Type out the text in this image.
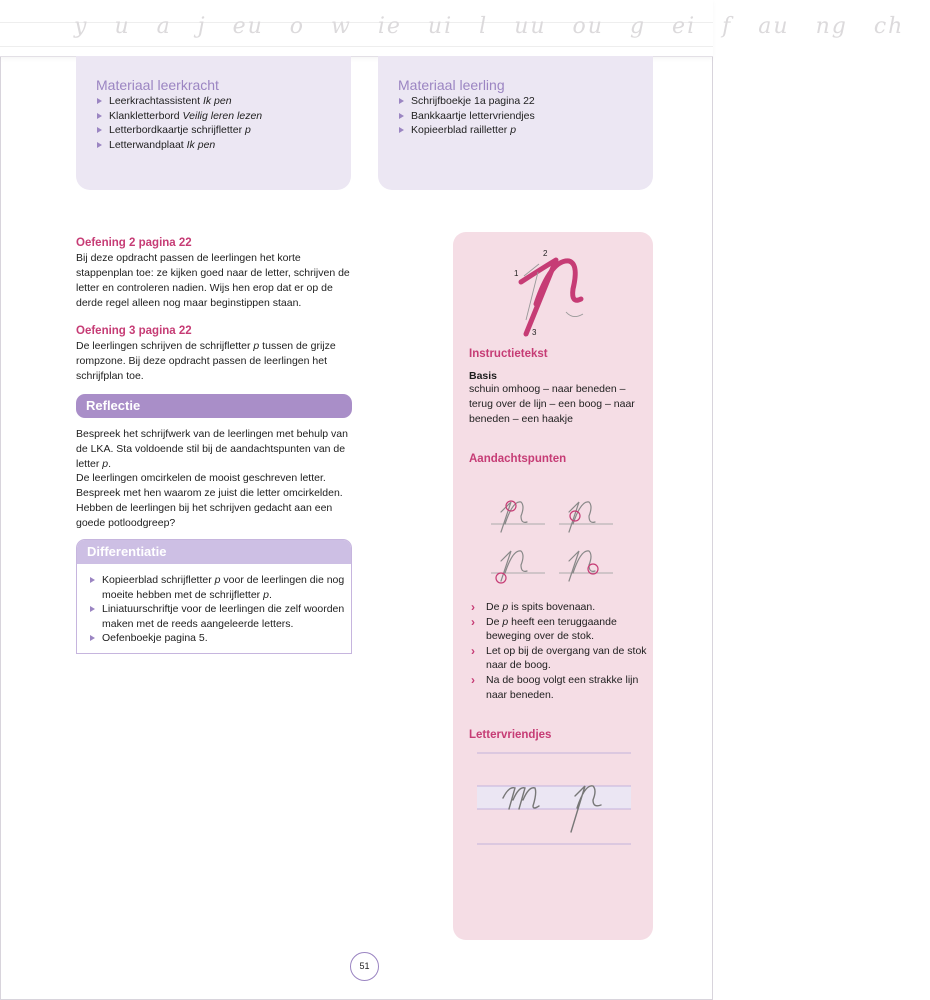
y u a j eu o w ie ui l uu ou g ei f au ng ch
Materiaal leerkracht
Leerkrachtassistent Ik pen
Klankletterbord Veilig leren lezen
Letterbordkaartje schrijfletter p
Letterwandplaat Ik pen
Materiaal leerling
Schrijfboekje 1a pagina 22
Bankkaartje lettervriendjes
Kopieerblad railletter p
Oefening 2 pagina 22

Bij deze opdracht passen de leerlingen het korte stappenplan toe: ze kijken goed naar de letter, schrijven de letter en controleren nadien. Wijs hen erop dat er op de derde regel alleen nog maar beginstippen staan.

Oefening 3 pagina 22

De leerlingen schrijven de schrijfletter p tussen de grijze rompzone. Bij deze opdracht passen de leerlingen het schrijfplan toe.

Reflectie

Bespreek het schrijfwerk van de leerlingen met behulp van de LKA. Sta voldoende stil bij de aandachtspunten van de letter p.

De leerlingen omcirkelen de mooist geschreven letter. Bespreek met hen waarom ze juist die letter omcirkelden. Hebben de leerlingen bij het schrijven gedacht aan een goede potloodgreep?

Differentiatie
Kopieerblad schrijfletter p voor de leerlingen die nog moeite hebben met de schrijfletter p.
Liniatuurschriftje voor de leerlingen die zelf woorden maken met de reeds aangeleerde letters.
Oefenboekje pagina 5.
1
2
3
Instructietekst
Basis

schuin omhoog – naar beneden – terug over de lijn – een boog – naar beneden – een haakje

Aandachtspunten
› De p is spits bovenaan.
› De p heeft een teruggaande beweging over de stok.
› Let op bij de overgang van de stok naar de boog.
› Na de boog volgt een strakke lijn naar beneden.
Lettervriendjes
51
